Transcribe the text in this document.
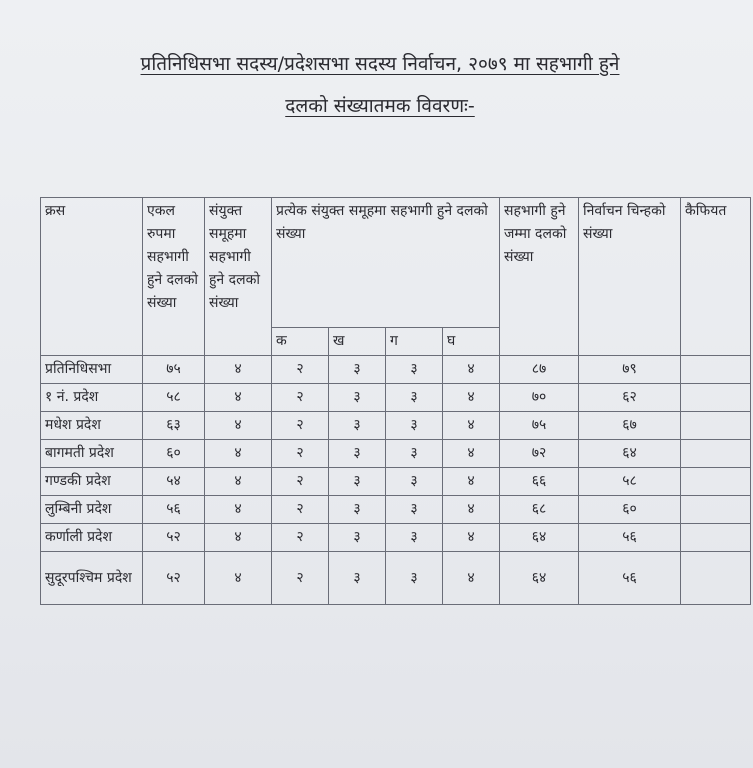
प्रतिनिधिसभा सदस्य/प्रदेशसभा सदस्य निर्वाचन, २०७९ मा सहभागी हुने
दलको संख्यातमक विवरणः-
क्रस	एकल रुपमा सहभागी हुने दलको संख्या	संयुक्त समूहमा सहभागी हुने दलको संख्या	प्रत्येक संयुक्त समूहमा सहभागी हुने दलको संख्या				सहभागी हुने जम्मा दलको संख्या	निर्वाचन चिन्हको संख्या	कैफियत
			क	ख	ग	घ			
प्रतिनिधिसभा	७५	४	२	३	३	४	८७	७९	
१ नं. प्रदेश	५८	४	२	३	३	४	७०	६२	
मधेश प्रदेश	६३	४	२	३	३	४	७५	६७	
बागमती प्रदेश	६०	४	२	३	३	४	७२	६४	
गण्डकी प्रदेश	५४	४	२	३	३	४	६६	५८	
लुम्बिनी प्रदेश	५६	४	२	३	३	४	६८	६०	
कर्णाली प्रदेश	५२	४	२	३	३	४	६४	५६	
सुदूरपश्चिम प्रदेश	५२	४	२	३	३	४	६४	५६	
